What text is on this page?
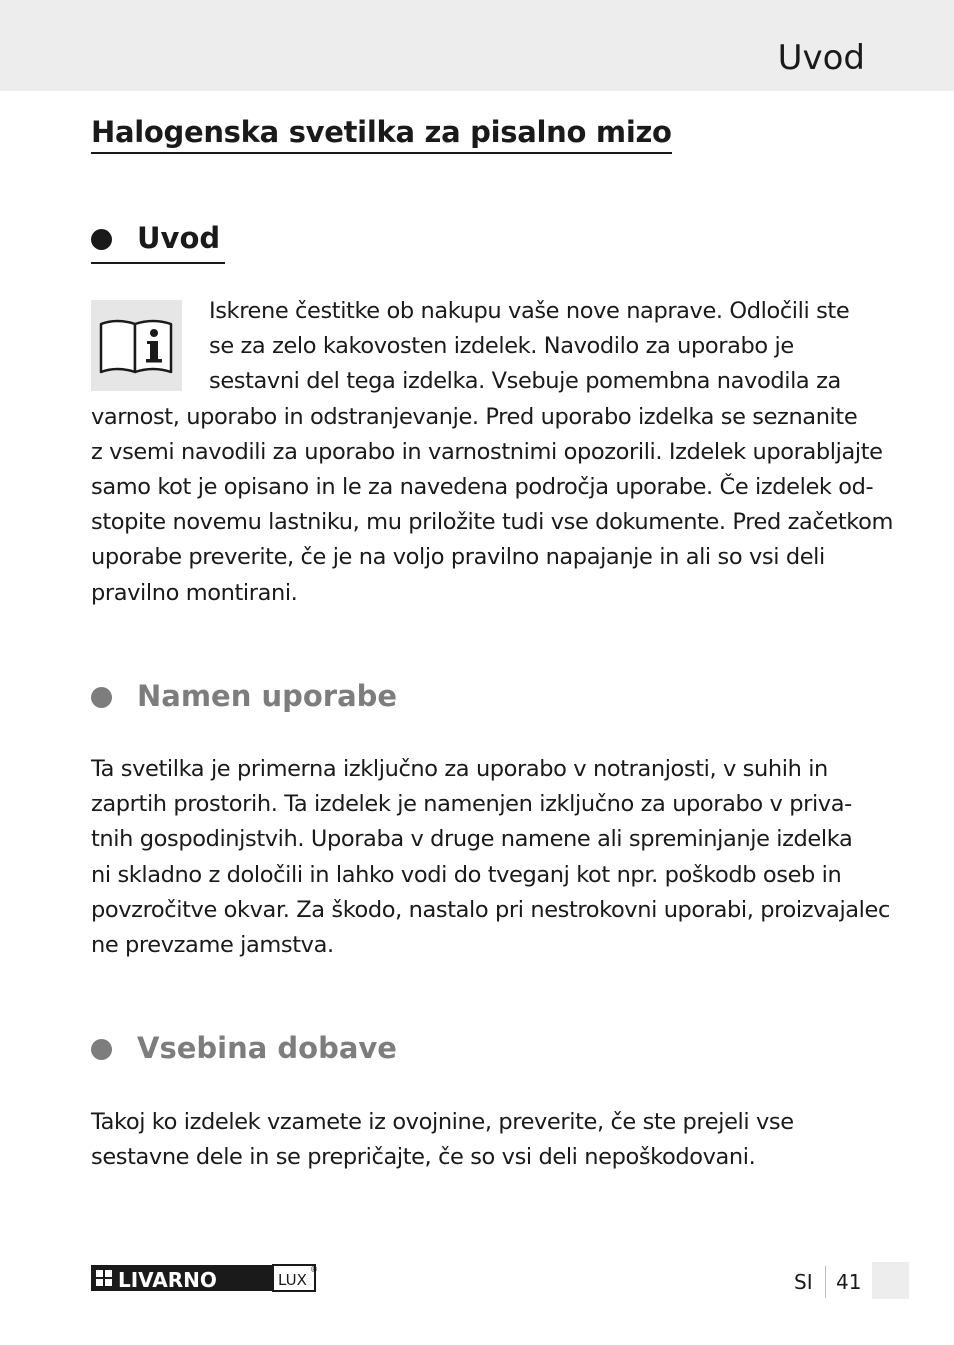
Uvod
Halogenska svetilka za pisalno mizo
Uvod
Iskrene čestitke ob nakupu vaše nove naprave. Odločili ste
se za zelo kakovosten izdelek. Navodilo za uporabo je
sestavni del tega izdelka. Vsebuje pomembna navodila za
varnost, uporabo in odstranjevanje. Pred uporabo izdelka se seznanite
z vsemi navodili za uporabo in varnostnimi opozorili. Izdelek uporabljajte
samo kot je opisano in le za navedena področja uporabe. Če izdelek od-
stopite novemu lastniku, mu priložite tudi vse dokumente. Pred začetkom
uporabe preverite, če je na voljo pravilno napajanje in ali so vsi deli
pravilno montirani.
Namen uporabe
Ta svetilka je primerna izključno za uporabo v notranjosti, v suhih in
zaprtih prostorih. Ta izdelek je namenjen izključno za uporabo v priva-
tnih gospodinjstvih. Uporaba v druge namene ali spreminjanje izdelka
ni skladno z določili in lahko vodi do tveganj kot npr. poškodb oseb in
povzročitve okvar. Za škodo, nastalo pri nestrokovni uporabi, proizvajalec
ne prevzame jamstva.
Vsebina dobave
Takoj ko izdelek vzamete iz ovojnine, preverite, če ste prejeli vse
sestavne dele in se prepričajte, če so vsi deli nepoškodovani.
LIVARNO	LUX
®
SI 41
